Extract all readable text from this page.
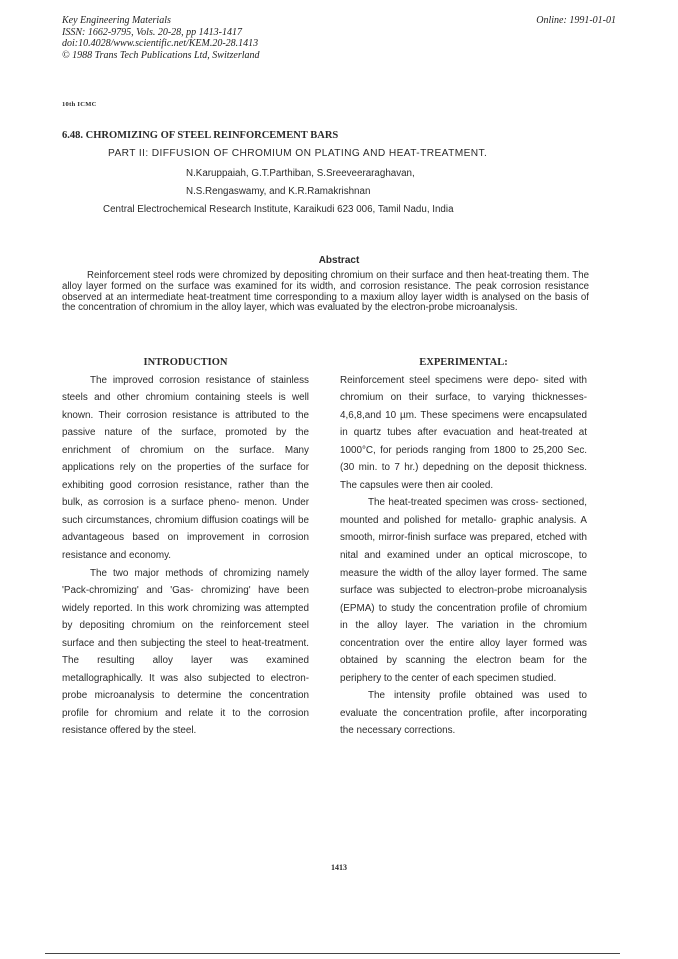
Key Engineering Materials
ISSN: 1662-9795, Vols. 20-28, pp 1413-1417
doi:10.4028/www.scientific.net/KEM.20-28.1413
© 1988 Trans Tech Publications Ltd, Switzerland
Online: 1991-01-01
10th ICMC
6.48. CHROMIZING OF STEEL REINFORCEMENT BARS
PART II: DIFFUSION OF CHROMIUM ON PLATING AND HEAT-TREATMENT.
N.Karuppaiah, G.T.Parthiban, S.Sreeveeraraghavan,
N.S.Rengaswamy, and K.R.Ramakrishnan
Central Electrochemical Research Institute, Karaikudi 623 006, Tamil Nadu, India
Abstract

Reinforcement steel rods were chromized by depositing chromium on their surface and then heat-treating them. The alloy layer formed on the surface was examined for its width, and corrosion resistance. The peak corrosion resistance observed at an intermediate heat-treatment time corresponding to a maxium alloy layer width is analysed on the basis of the concentration of chromium in the alloy layer, which was evaluated by the electron-probe microanalysis.

INTRODUCTION

The improved corrosion resistance of stainless steels and other chromium containing steels is well known. Their corrosion resistance is attributed to the passive nature of the surface, promoted by the enrichment of chromium on the surface. Many applications rely on the properties of the surface for exhibiting good corrosion resistance, rather than the bulk, as corrosion is a surface pheno- menon. Under such circumstances, chromium diffusion coatings will be advantageous based on improvement in corrosion resistance and economy.

The two major methods of chromizing namely 'Pack-chromizing' and 'Gas- chromizing' have been widely reported. In this work chromizing was attempted by depositing chromium on the reinforcement steel surface and then subjecting the steel to heat-treatment. The resulting alloy layer was examined metallographically. It was also subjected to electron-probe microanalysis to determine the concentration profile for chromium and relate it to the corrosion resistance offered by the steel.

EXPERIMENTAL:

Reinforcement steel specimens were depo- sited with chromium on their surface, to varying thicknesses-4,6,8,and 10 µm. These specimens were encapsulated in quartz tubes after evacuation and heat-treated at 1000°C, for periods ranging from 1800 to 25,200 Sec. (30 min. to 7 hr.) depedning on the deposit thickness. The capsules were then air cooled.

The heat-treated specimen was cross- sectioned, mounted and polished for metallo- graphic analysis. A smooth, mirror-finish surface was prepared, etched with nital and examined under an optical microscope, to measure the width of the alloy layer formed. The same surface was subjected to electron-probe microanalysis (EPMA) to study the concentration profile of chromium in the alloy layer. The variation in the chromium concentration over the entire alloy layer formed was obtained by scanning the electron beam for the periphery to the center of each specimen studied.

The intensity profile obtained was used to evaluate the concentration profile, after incorporating the necessary corrections.

1413
